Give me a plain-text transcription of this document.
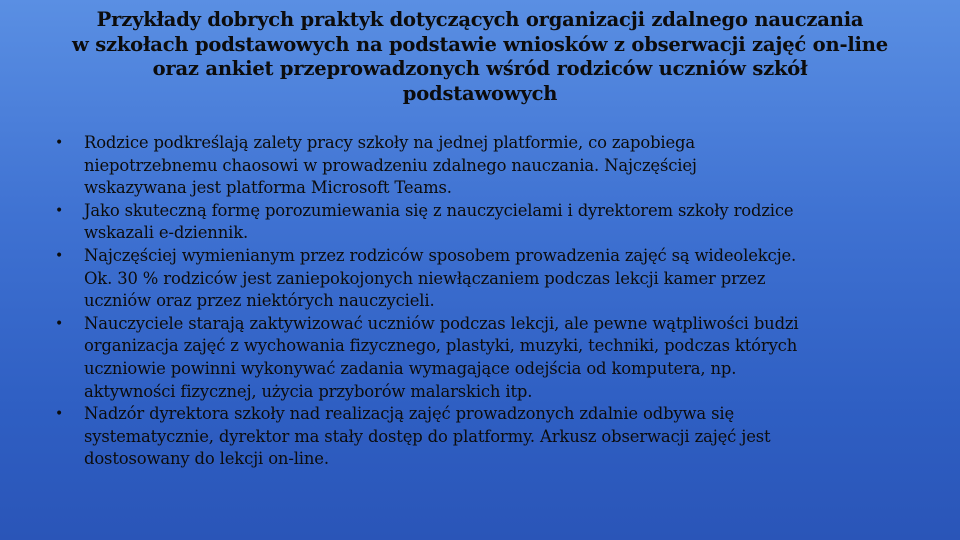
Przykłady dobrych praktyk dotyczących organizacji zdalnego nauczania
w szkołach podstawowych na podstawie wniosków z obserwacji zajęć on-line
oraz ankiet przeprowadzonych wśród rodziców uczniów szkół
podstawowych
• Rodzice podkreślają zalety pracy szkoły na jednej platformie, co zapobiega
niepotrzebnemu chaosowi w prowadzeniu zdalnego nauczania. Najczęściej
wskazywana jest platforma Microsoft Teams.
• Jako skuteczną formę porozumiewania się z nauczycielami i dyrektorem szkoły rodzice
wskazali e-dziennik.
• Najczęściej wymienianym przez rodziców sposobem prowadzenia zajęć są wideolekcje.
Ok. 30 % rodziców jest zaniepokojonych niewłączaniem podczas lekcji kamer przez
uczniów oraz przez niektórych nauczycieli.
• Nauczyciele starają zaktywizować uczniów podczas lekcji, ale pewne wątpliwości budzi
organizacja zajęć z wychowania fizycznego, plastyki, muzyki, techniki, podczas których
uczniowie powinni wykonywać zadania wymagające odejścia od komputera, np.
aktywności fizycznej, użycia przyborów malarskich itp.
• Nadzór dyrektora szkoły nad realizacją zajęć prowadzonych zdalnie odbywa się
systematycznie, dyrektor ma stały dostęp do platformy. Arkusz obserwacji zajęć jest
dostosowany do lekcji on-line.
